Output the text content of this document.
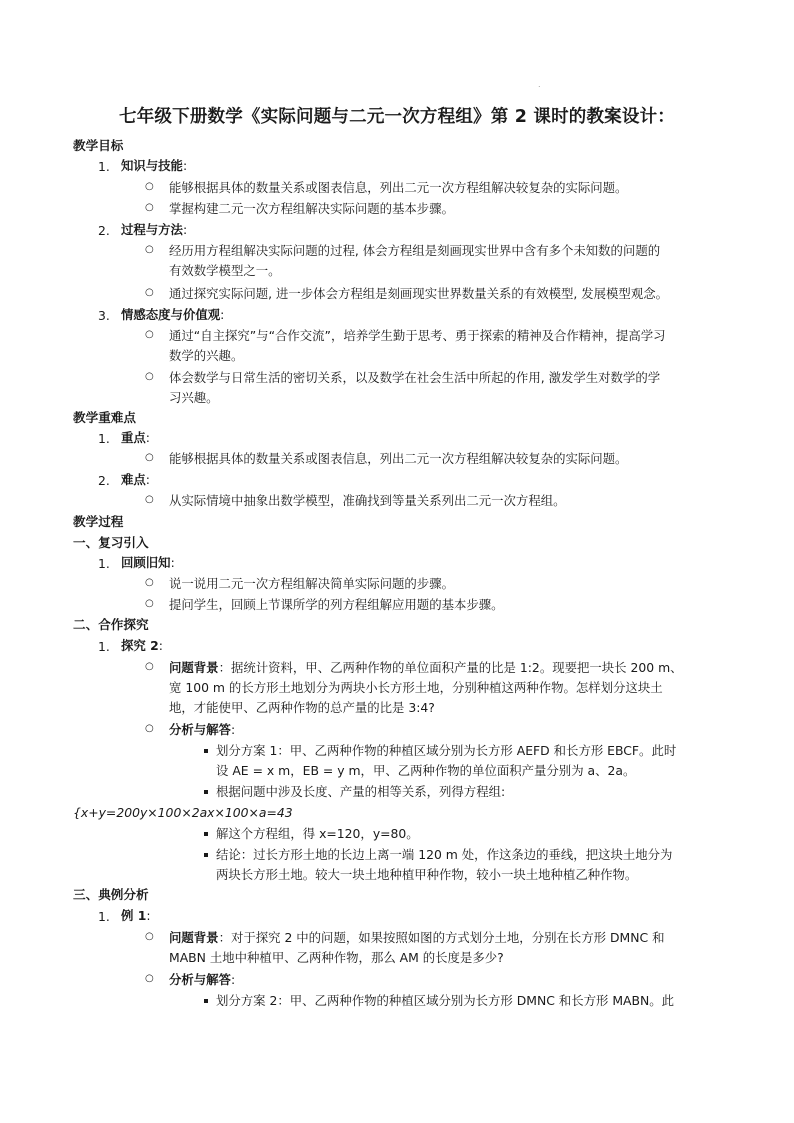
.
七年级下册数学《实际问题与二元一次方程组》第 2 课时的教案设计：
教学目标
1. 知识与技能:
○ 能够根据具体的数量关系或图表信息，列出二元一次方程组解决较复杂的实际问题。
○ 掌握构建二元一次方程组解决实际问题的基本步骤。
2. 过程与方法:
○ 经历用方程组解决实际问题的过程, 体会方程组是刻画现实世界中含有多个未知数的问题的
有效数学模型之一。
○ 通过探究实际问题, 进一步体会方程组是刻画现实世界数量关系的有效模型, 发展模型观念。
3. 情感态度与价值观:
○ 通过“自主探究”与“合作交流”，培养学生勤于思考、勇于探索的精神及合作精神，提高学习
数学的兴趣。
○ 体会数学与日常生活的密切关系，以及数学在社会生活中所起的作用, 激发学生对数学的学
习兴趣。
教学重难点
1. 重点:
○ 能够根据具体的数量关系或图表信息，列出二元一次方程组解决较复杂的实际问题。
2. 难点:
○ 从实际情境中抽象出数学模型，准确找到等量关系列出二元一次方程组。
教学过程
一、复习引入
1. 回顾旧知:
○ 说一说用二元一次方程组解决简单实际问题的步骤。
○ 提问学生，回顾上节课所学的列方程组解应用题的基本步骤。
二、合作探究
1. 探究 2:
○ 问题背景：据统计资料，甲、乙两种作物的单位面积产量的比是 1:2。现要把一块长 200 m、
宽 100 m 的长方形土地划分为两块小长方形土地，分别种植这两种作物。怎样划分这块土
地，才能使甲、乙两种作物的总产量的比是 3:4?
○ 分析与解答:
划分方案 1：甲、乙两种作物的种植区域分别为长方形 AEFD 和长方形 EBCF。此时
设 AE = x m，EB = y m，甲、乙两种作物的单位面积产量分别为 a、2a。
根据问题中涉及长度、产量的相等关系，列得方程组:
{x+y=200y×100×2ax×100×a=43
解这个方程组，得 x=120，y=80。
结论：过长方形土地的长边上离一端 120 m 处，作这条边的垂线，把这块土地分为
两块长方形土地。较大一块土地种植甲种作物，较小一块土地种植乙种作物。
三、典例分析
1. 例 1:
○ 问题背景：对于探究 2 中的问题，如果按照如图的方式划分土地，分别在长方形 DMNC 和
MABN 土地中种植甲、乙两种作物，那么 AM 的长度是多少?
○ 分析与解答:
划分方案 2：甲、乙两种作物的种植区域分别为长方形 DMNC 和长方形 MABN。此
